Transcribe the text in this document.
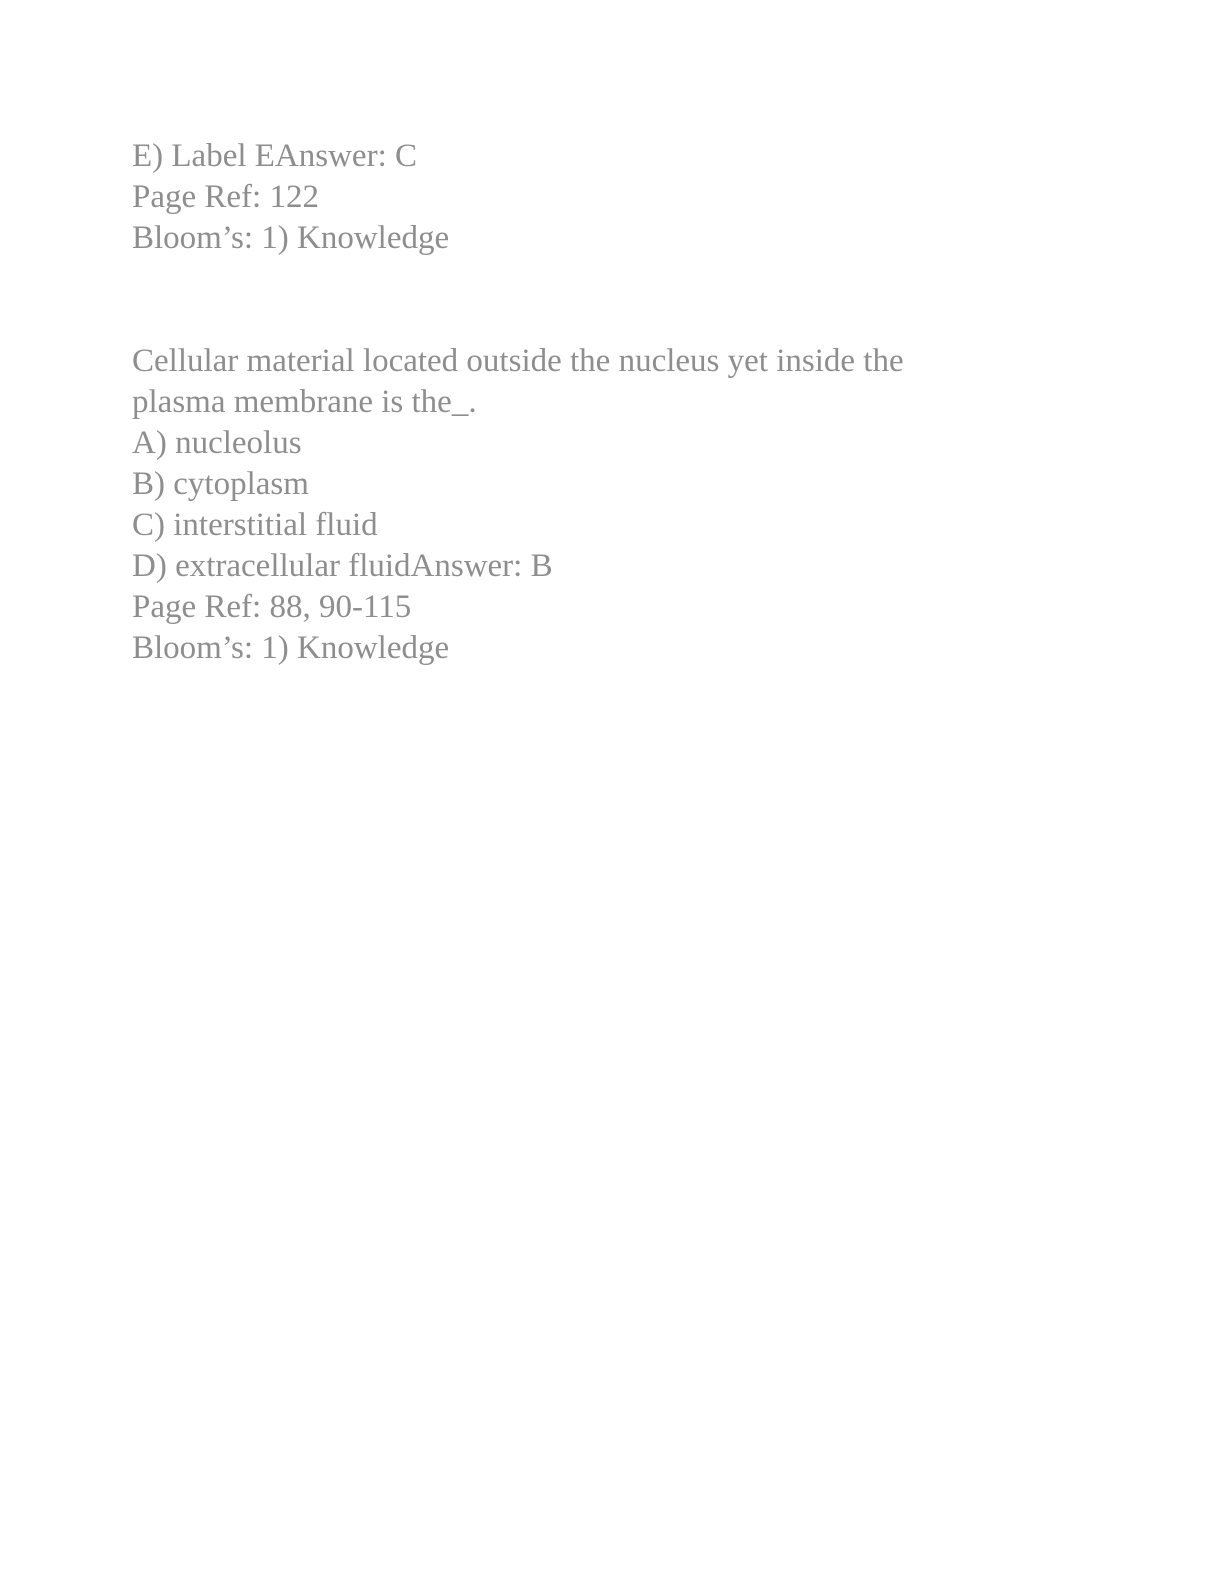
E) Label EAnswer: C
Page Ref: 122
Bloom’s: 1) Knowledge
Cellular material located outside the nucleus yet inside the
plasma membrane is the_.
A) nucleolus
B) cytoplasm
C) interstitial fluid
D) extracellular fluidAnswer: B
Page Ref: 88, 90-115
Bloom’s: 1) Knowledge
